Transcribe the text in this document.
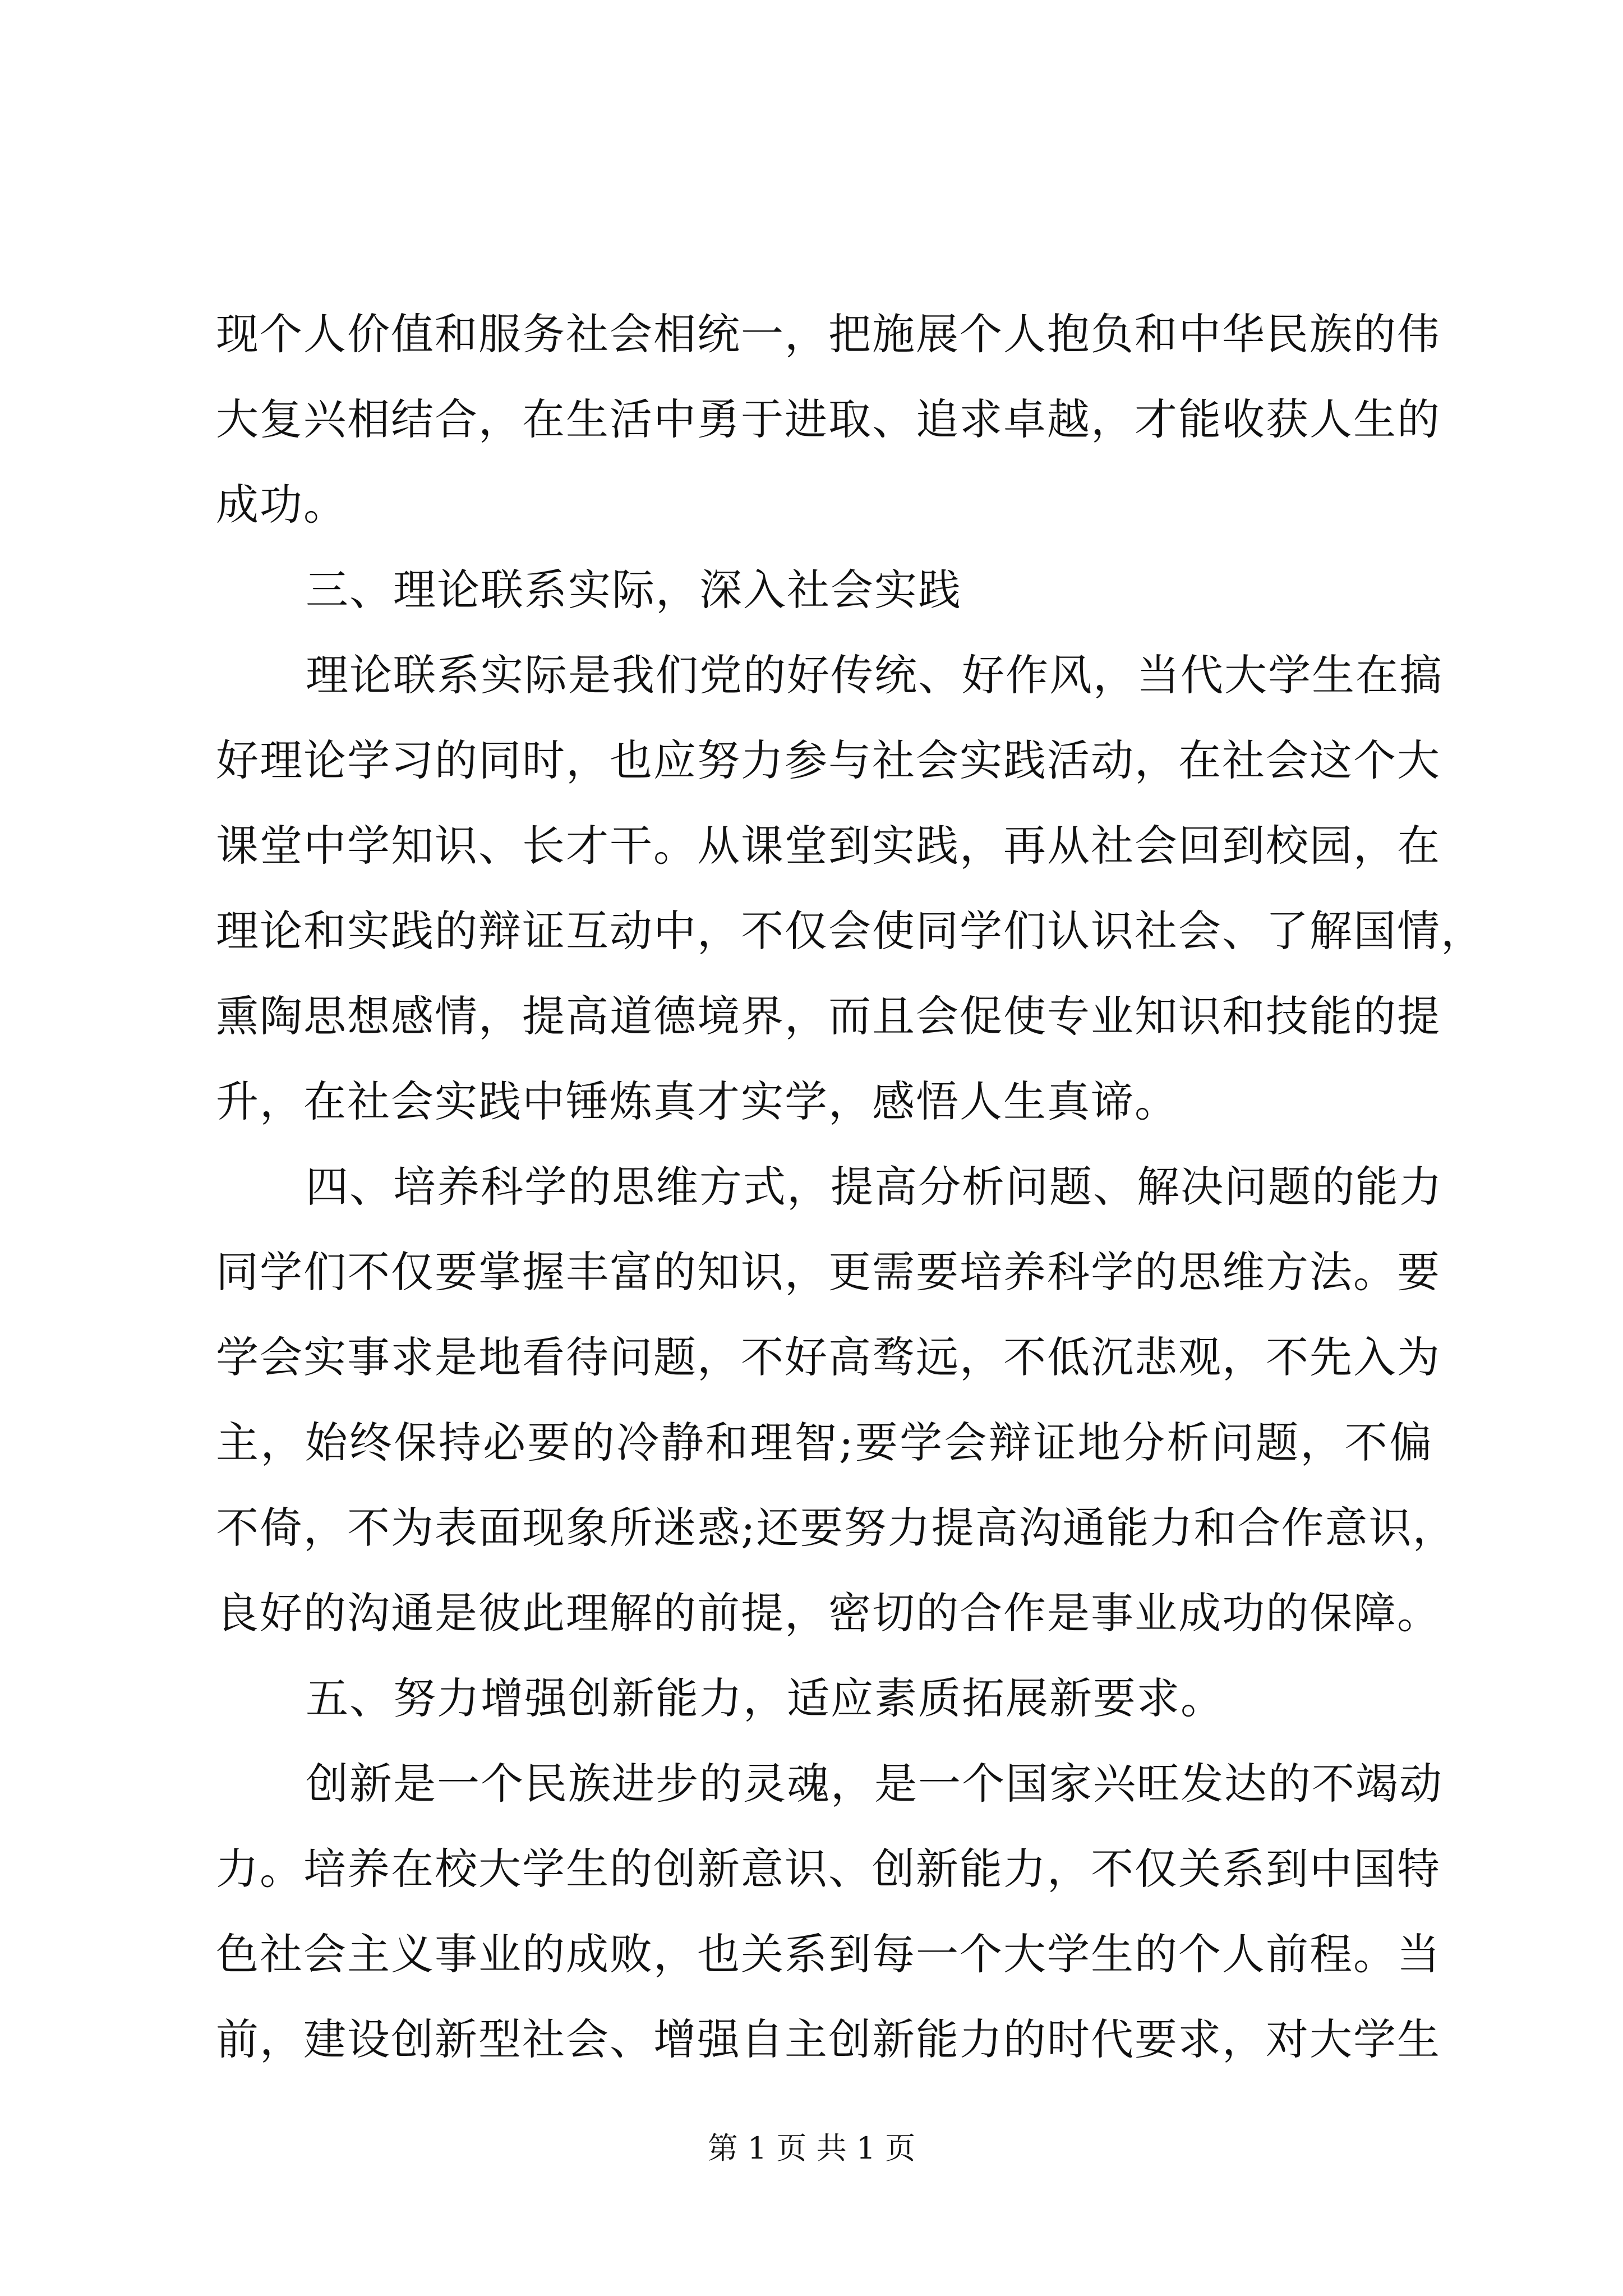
现个人价值和服务社会相统一，把施展个人抱负和中华民族的伟
大复兴相结合，在生活中勇于进取、追求卓越，才能收获人生的
成功。
三、理论联系实际，深入社会实践
理论联系实际是我们党的好传统、好作风，当代大学生在搞
好理论学习的同时，也应努力参与社会实践活动，在社会这个大
课堂中学知识、长才干。从课堂到实践，再从社会回到校园，在
理论和实践的辩证互动中，不仅会使同学们认识社会、了解国情，
熏陶思想感情，提高道德境界，而且会促使专业知识和技能的提
升，在社会实践中锤炼真才实学，感悟人生真谛。
四、培养科学的思维方式，提高分析问题、解决问题的能力
同学们不仅要掌握丰富的知识，更需要培养科学的思维方法。要
学会实事求是地看待问题，不好高骛远，不低沉悲观，不先入为
主，始终保持必要的冷静和理智;要学会辩证地分析问题，不偏
不倚，不为表面现象所迷惑;还要努力提高沟通能力和合作意识，
良好的沟通是彼此理解的前提，密切的合作是事业成功的保障。
五、努力增强创新能力，适应素质拓展新要求。
创新是一个民族进步的灵魂，是一个国家兴旺发达的不竭动
力。培养在校大学生的创新意识、创新能力，不仅关系到中国特
色社会主义事业的成败，也关系到每一个大学生的个人前程。当
前，建设创新型社会、增强自主创新能力的时代要求，对大学生
第 1 页 共 1 页
